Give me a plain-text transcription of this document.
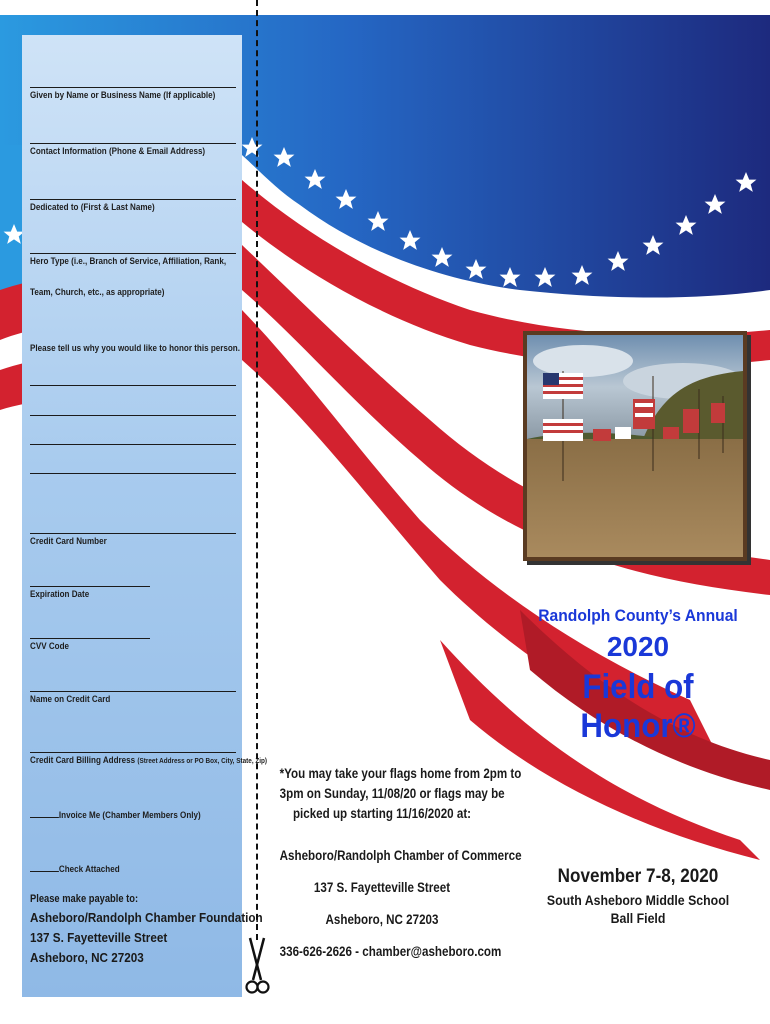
Given by Name or Business Name (If applicable)
Contact Information (Phone & Email Address)
Dedicated to (First & Last Name)
Hero Type (i.e., Branch of Service, Affiliation, Rank,
Team, Church, etc., as appropriate)
Please tell us why you would like to honor this person.
Credit Card Number
Expiration Date
CVV Code
Name on Credit Card
Credit Card Billing Address (Street Address or PO Box, City, State, Zip)
Invoice Me (Chamber Members Only)
Check Attached
Please make payable to:
Asheboro/Randolph Chamber Foundation
137 S. Fayetteville Street
Asheboro, NC 27203
Randolph County’s Annual
2020
Field of Honor®
*You may take your flags home from 2pm to
3pm on Sunday, 11/08/20 or flags may be
picked up starting 11/16/2020 at:
Asheboro/Randolph Chamber of Commerce
137 S. Fayetteville Street
Asheboro, NC 27203
336-626-2626 - chamber@asheboro.com
November 7-8, 2020
South Asheboro Middle School
Ball Field
